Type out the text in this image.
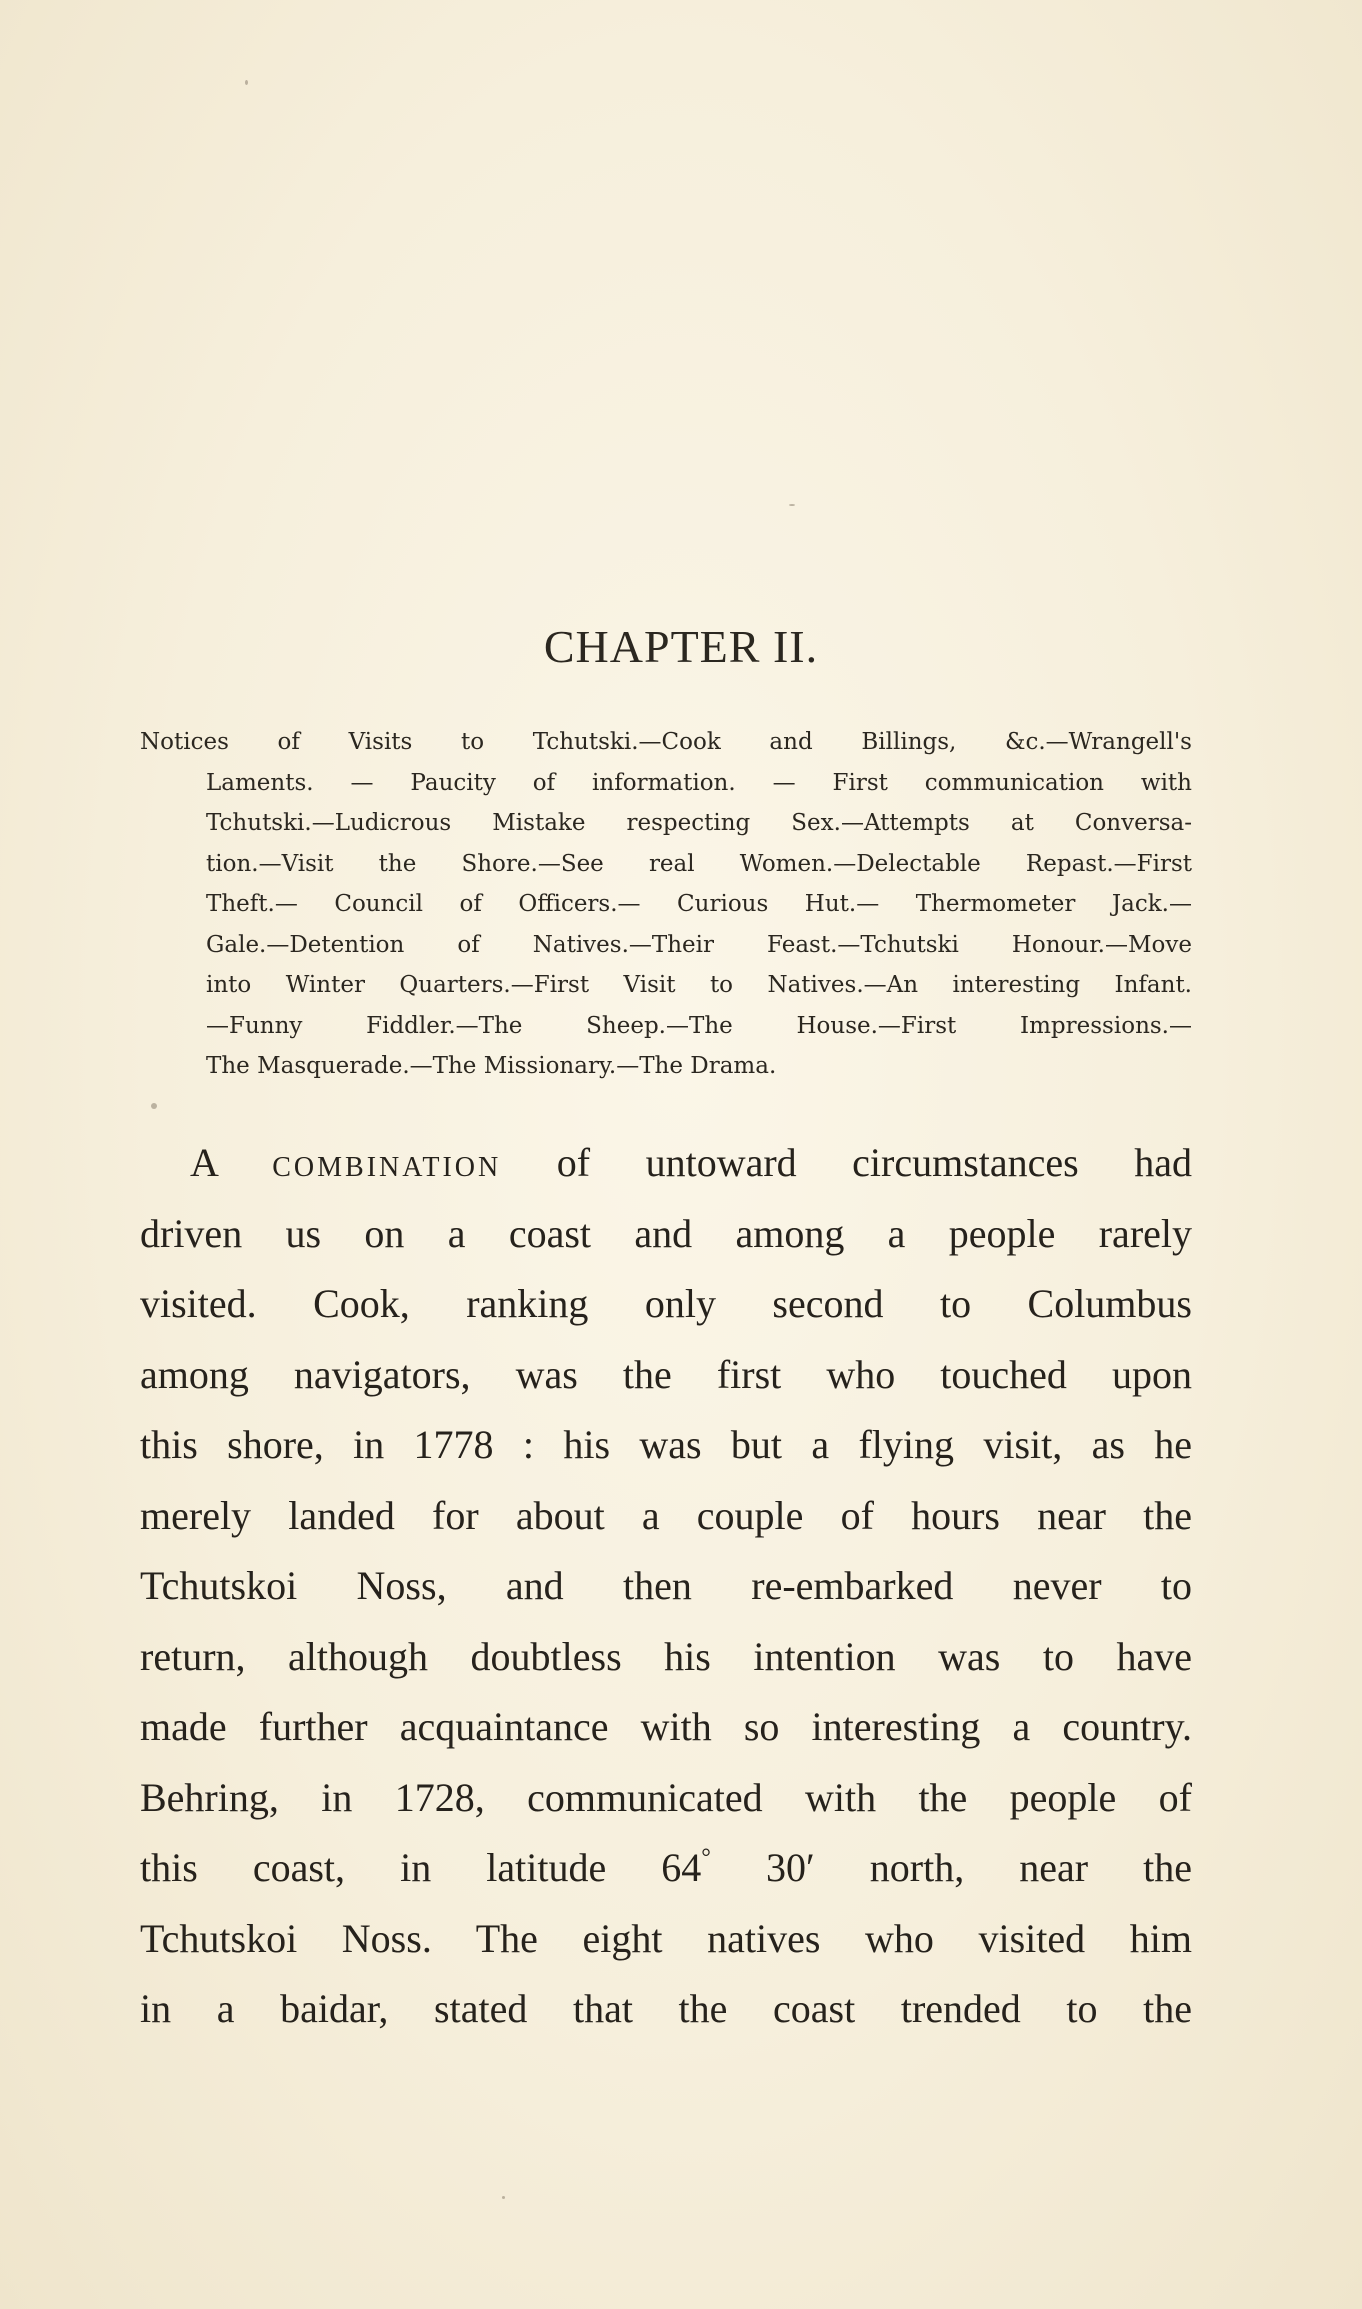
CHAPTER II.
Notices of Visits to Tchutski.—Cook and Billings, &c.—Wrangell's
Laments. — Paucity of information. — First communication with
Tchutski.—Ludicrous Mistake respecting Sex.—Attempts at Conversa-
tion.—Visit the Shore.—See real Women.—Delectable Repast.—First
Theft.— Council of Officers.— Curious Hut.— Thermometer Jack.—
Gale.—Detention of Natives.—Their Feast.—Tchutski Honour.—Move
into Winter Quarters.—First Visit to Natives.—An interesting Infant.
—Funny Fiddler.—The Sheep.—The House.—First Impressions.—
The Masquerade.—The Missionary.—The Drama.
A combination of untoward circumstances had
driven us on a coast and among a people rarely
visited. Cook, ranking only second to Columbus
among navigators, was the first who touched upon
this shore, in 1778 : his was but a flying visit, as he
merely landed for about a couple of hours near the
Tchutskoi Noss, and then re-embarked never to
return, although doubtless his intention was to have
made further acquaintance with so interesting a country.
Behring, in 1728, communicated with the people of
this coast, in latitude 64° 30′ north, near the
Tchutskoi Noss. The eight natives who visited him
in a baidar, stated that the coast trended to the
